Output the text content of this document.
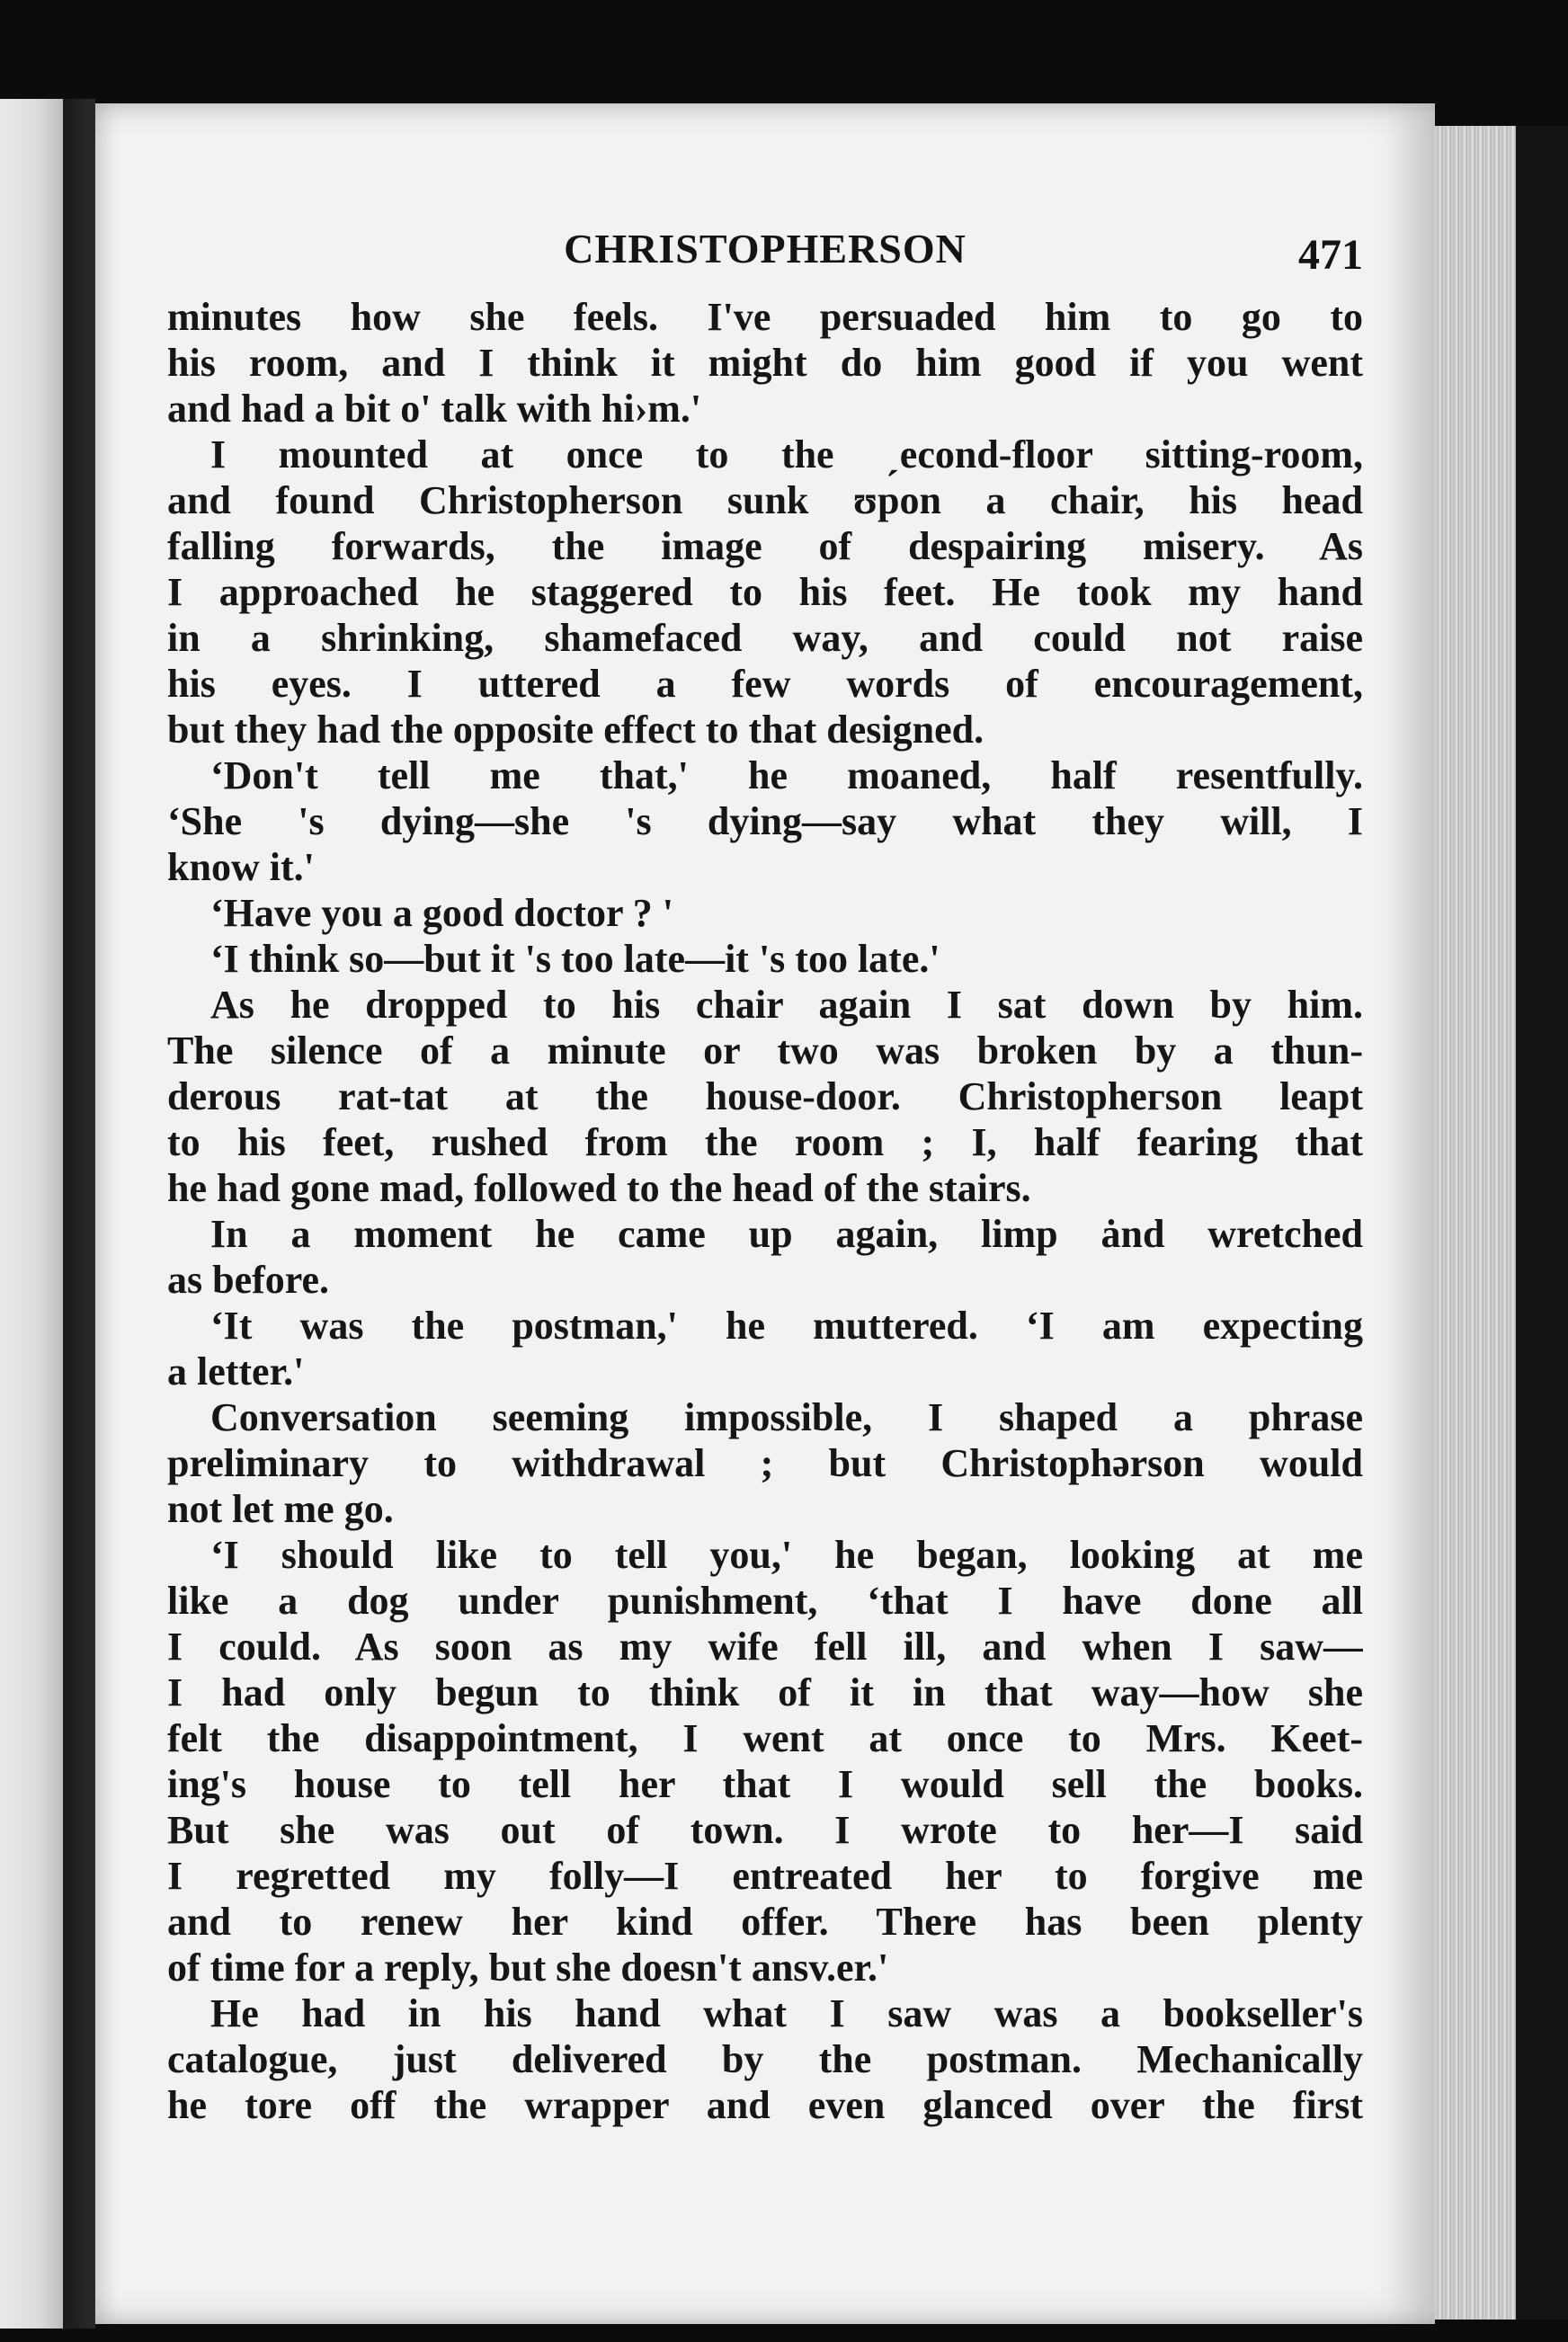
CHRISTOPHERSON	471
minutes how she feels. I've persuaded him to go to
his room, and I think it might do him good if you went
and had a bit o' talk with hi›m.'
I mounted at once to the ˏecond-floor sitting-room,
and found Christopherson sunk ʊpon a chair, his head
falling forwards, the image of despairing misery. As
I approached he staggered to his feet. He took my hand
in a shrinking, shamefaced way, and could not raise
his eyes. I uttered a few words of encouragement,
but they had the opposite effect to that designed.
‘Don't tell me that,' he moaned, half resentfully.
‘She 's dying—she 's dying—say what they will, I
know it.'
‘Have you a good doctor ? '
‘I think so—but it 's too late—it 's too late.'
As he dropped to his chair again I sat down by him.
The silence of a minute or two was broken by a thun-
derous rat-tat at the house-door. Christopheгson leapt
to his feet, rushed from the room ; I, half fearing that
he had gone mad, followed to the head of the stairs.
In a moment he came up again, limp ȧnd wretched
as before.
‘It was the postman,' he muttered. ‘I am expecting
a letter.'
Conversation seeming impossible, I shaped a phrase
preliminary to withdrawal ; but Christophərson would
not let me go.
‘I should like to tell you,' he began, looking at me
like a dog under punishment, ‘that I have done all
I could. As soon as my wife fell ill, and when I saw—
I had only begun to think of it in that way—how she
felt the disappointment, I went at once to Mrs. Keet-
ing's house to tell her that I would sell the books.
But she was out of town. I wrote to her—I said
I regretted my folly—I entreated her to forgive me
and to renew her kind offer. There has been plenty
of time for a reply, but she doesn't ansv.er.'
He had in his hand what I saw was a bookseller's
catalogue, just delivered by the postman. Mechanically
he tore off the wrapper and even glanced over the first
